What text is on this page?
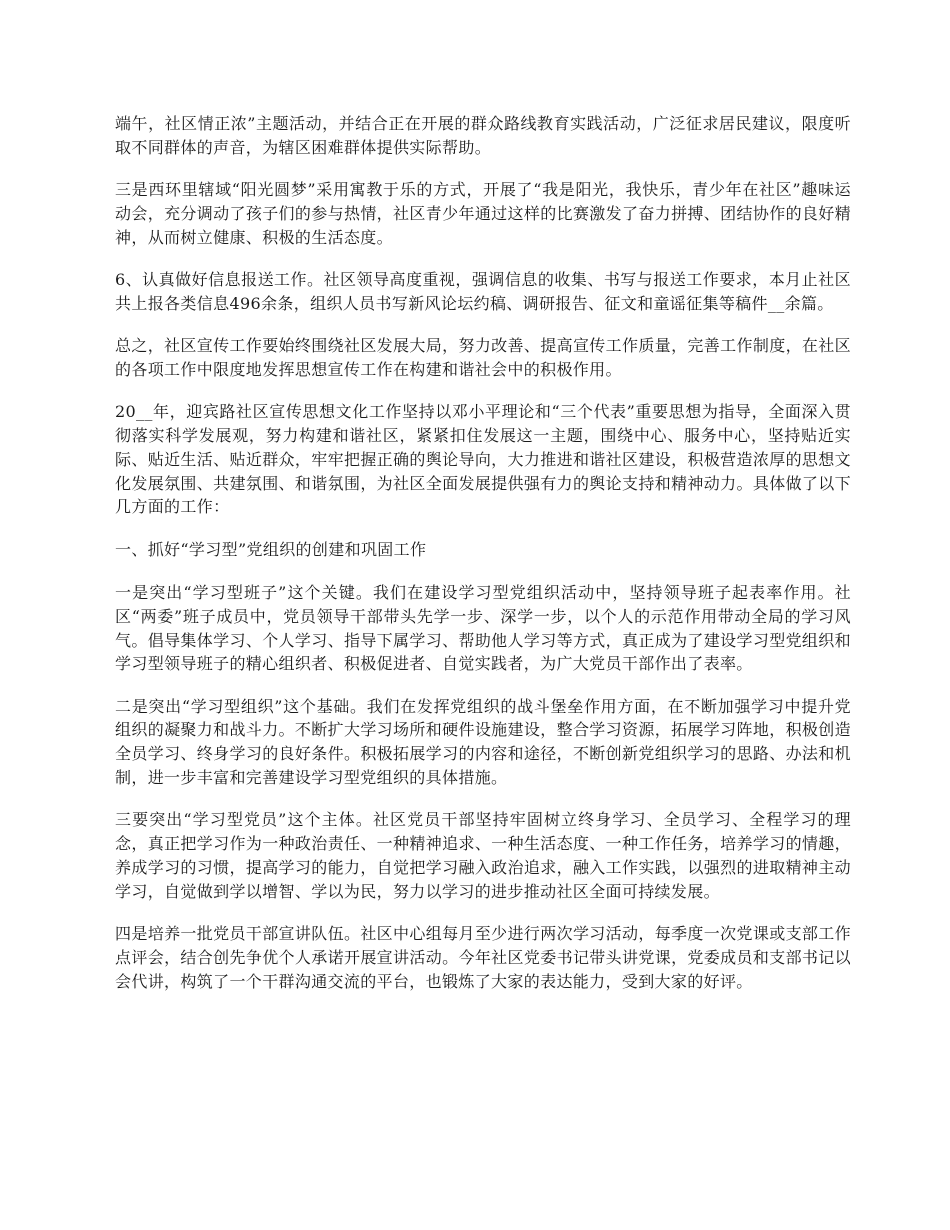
端午，社区情正浓”主题活动，并结合正在开展的群众路线教育实践活动，广泛征求居民建议，限度听取不同群体的声音，为辖区困难群体提供实际帮助。

三是西环里辖域“阳光圆梦”采用寓教于乐的方式，开展了“我是阳光，我快乐，青少年在社区”趣味运动会，充分调动了孩子们的参与热情，社区青少年通过这样的比赛激发了奋力拼搏、团结协作的良好精神，从而树立健康、积极的生活态度。

6、认真做好信息报送工作。社区领导高度重视，强调信息的收集、书写与报送工作要求，本月止社区共上报各类信息496余条，组织人员书写新风论坛约稿、调研报告、征文和童谣征集等稿件__余篇。

总之，社区宣传工作要始终围绕社区发展大局，努力改善、提高宣传工作质量，完善工作制度，在社区的各项工作中限度地发挥思想宣传工作在构建和谐社会中的积极作用。

20__年，迎宾路社区宣传思想文化工作坚持以邓小平理论和“三个代表”重要思想为指导，全面深入贯彻落实科学发展观，努力构建和谐社区，紧紧扣住发展这一主题，围绕中心、服务中心，坚持贴近实际、贴近生活、贴近群众，牢牢把握正确的舆论导向，大力推进和谐社区建设，积极营造浓厚的思想文化发展氛围、共建氛围、和谐氛围，为社区全面发展提供强有力的舆论支持和精神动力。具体做了以下几方面的工作：

一、抓好“学习型”党组织的创建和巩固工作

一是突出“学习型班子”这个关键。我们在建设学习型党组织活动中，坚持领导班子起表率作用。社区“两委”班子成员中，党员领导干部带头先学一步、深学一步，以个人的示范作用带动全局的学习风气。倡导集体学习、个人学习、指导下属学习、帮助他人学习等方式，真正成为了建设学习型党组织和学习型领导班子的精心组织者、积极促进者、自觉实践者，为广大党员干部作出了表率。

二是突出“学习型组织”这个基础。我们在发挥党组织的战斗堡垒作用方面，在不断加强学习中提升党组织的凝聚力和战斗力。不断扩大学习场所和硬件设施建设，整合学习资源，拓展学习阵地，积极创造全员学习、终身学习的良好条件。积极拓展学习的内容和途径，不断创新党组织学习的思路、办法和机制，进一步丰富和完善建设学习型党组织的具体措施。

三要突出“学习型党员”这个主体。社区党员干部坚持牢固树立终身学习、全员学习、全程学习的理念，真正把学习作为一种政治责任、一种精神追求、一种生活态度、一种工作任务，培养学习的情趣，养成学习的习惯，提高学习的能力，自觉把学习融入政治追求，融入工作实践，以强烈的进取精神主动学习，自觉做到学以增智、学以为民，努力以学习的进步推动社区全面可持续发展。

四是培养一批党员干部宣讲队伍。社区中心组每月至少进行两次学习活动，每季度一次党课或支部工作点评会，结合创先争优个人承诺开展宣讲活动。今年社区党委书记带头讲党课，党委成员和支部书记以会代讲，构筑了一个干群沟通交流的平台，也锻炼了大家的表达能力，受到大家的好评。
